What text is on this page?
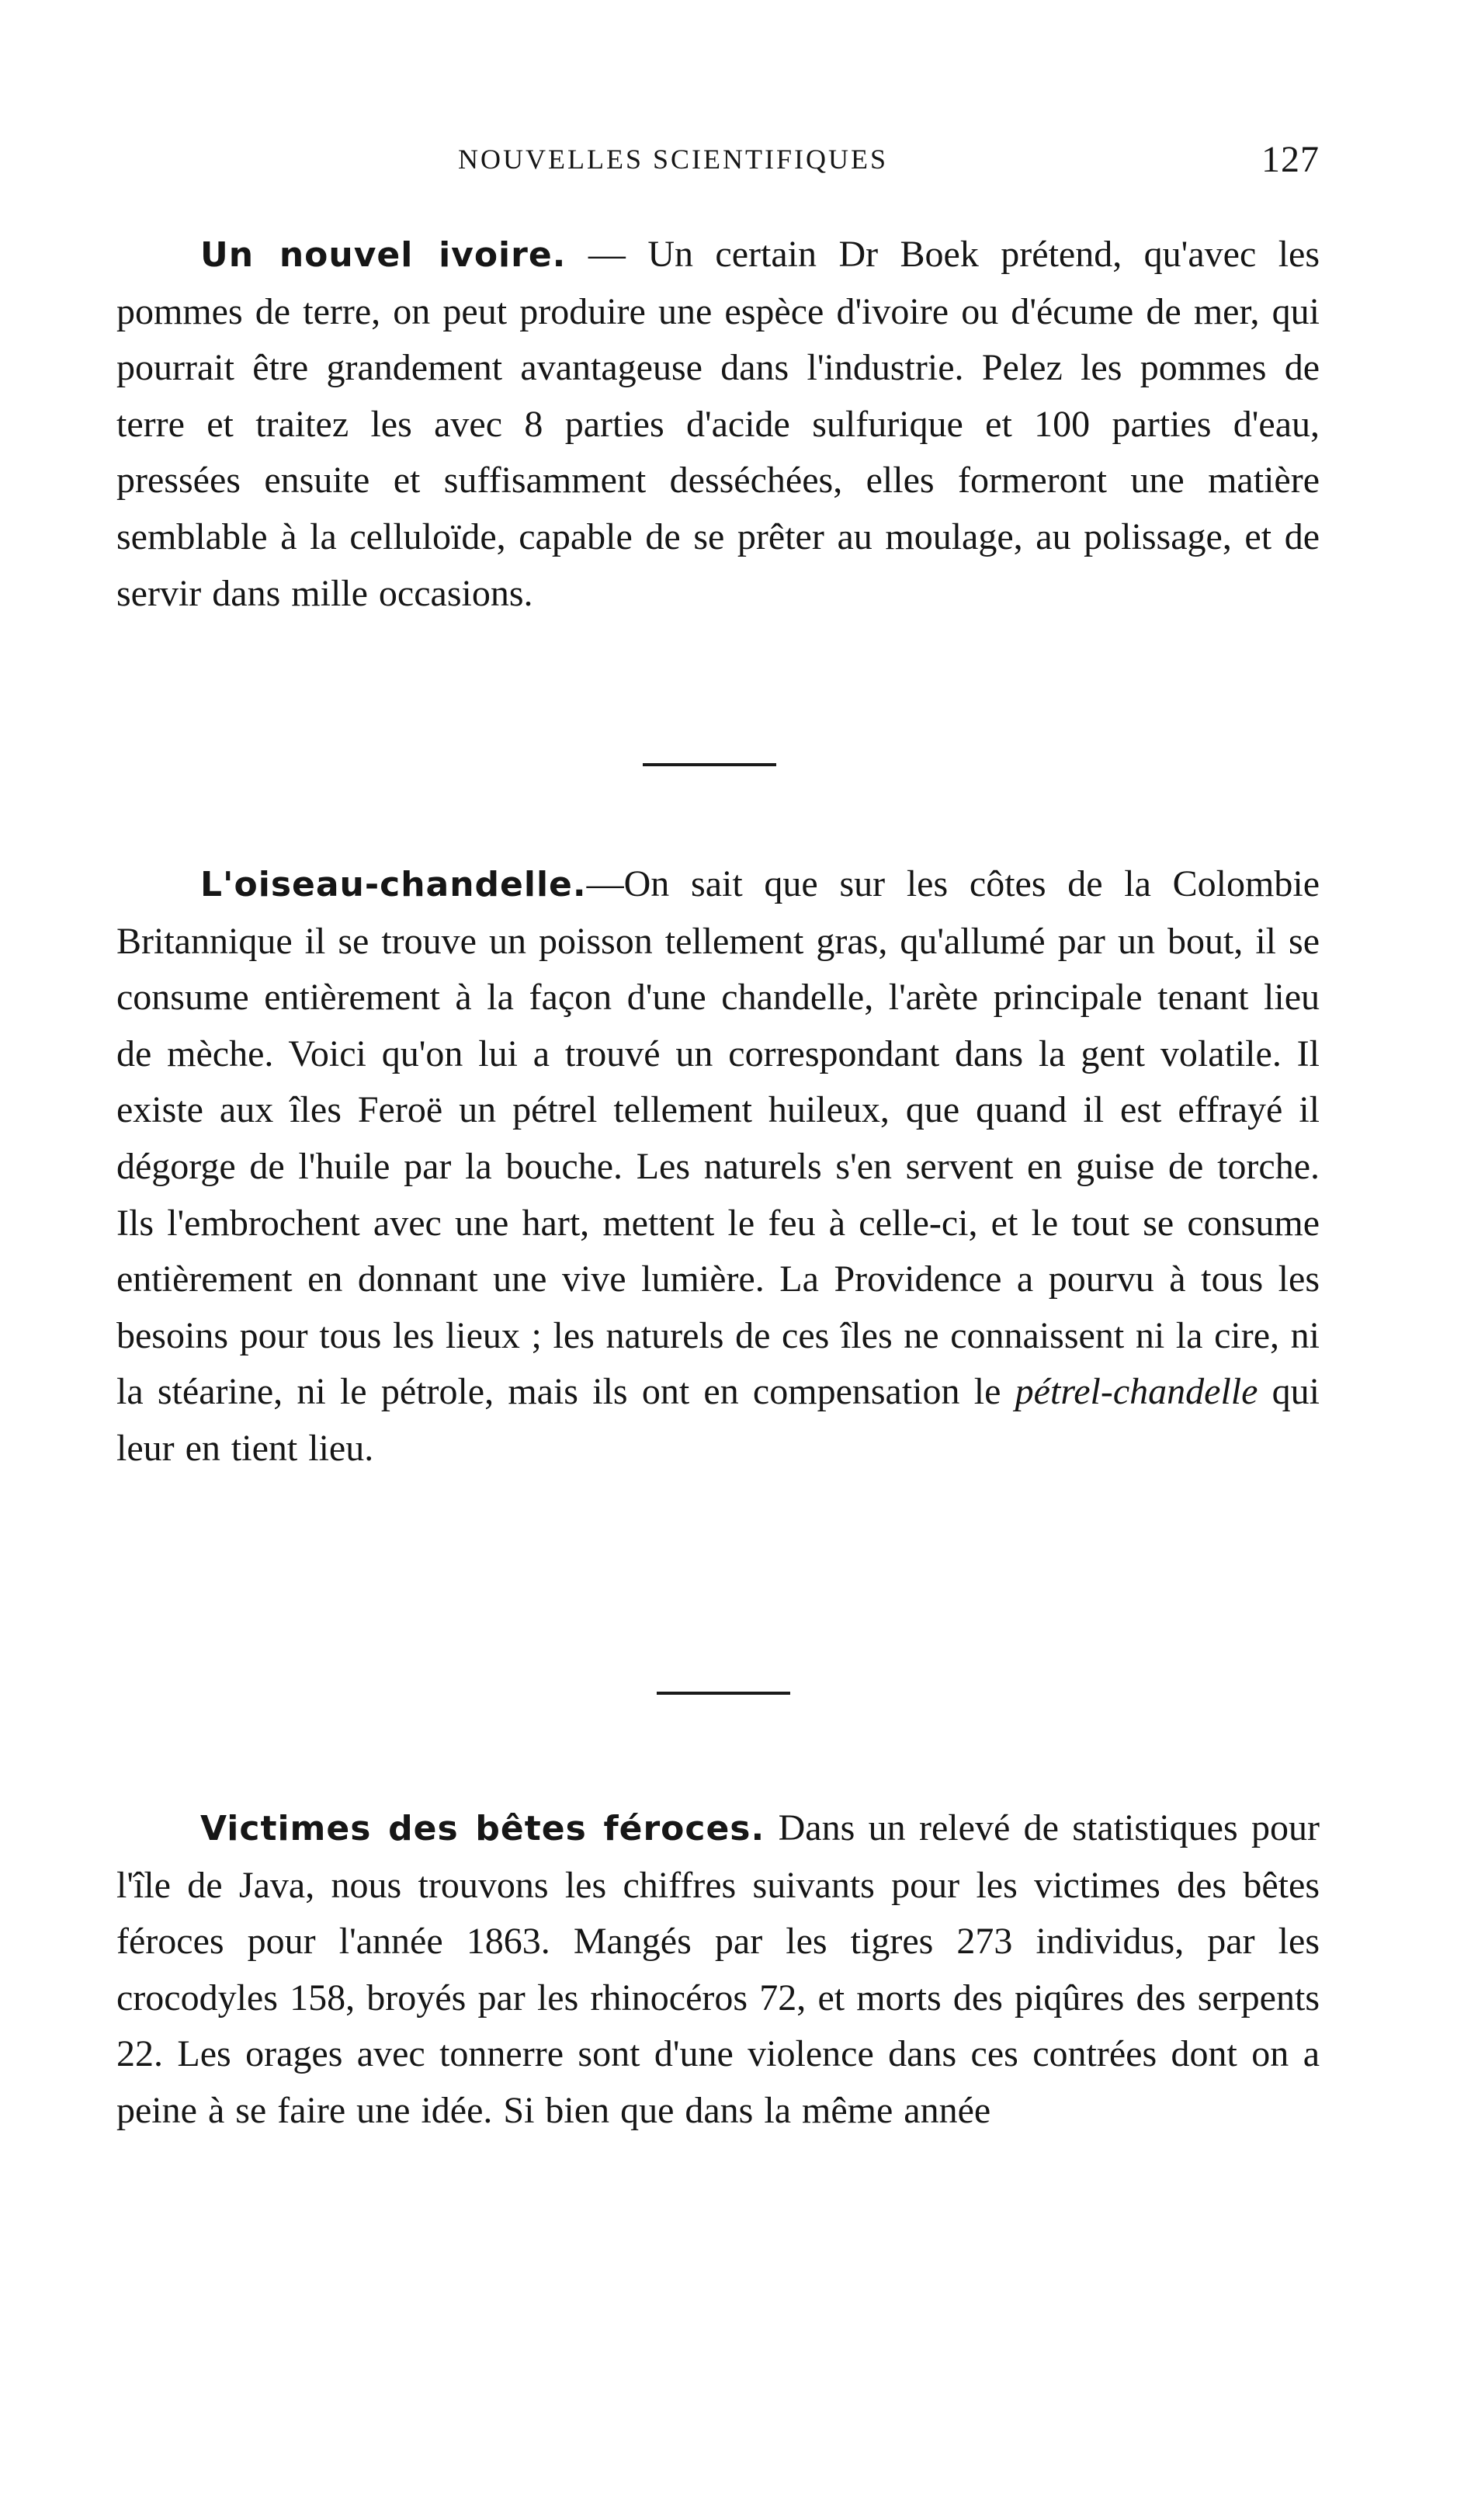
NOUVELLES SCIENTIFIQUES	127

Un nouvel ivoire. — Un certain Dr Boek prétend, qu'avec les pommes de terre, on peut produire une espèce d'ivoire ou d'écume de mer, qui pourrait être grandement avantageuse dans l'industrie. Pelez les pommes de terre et traitez les avec 8 parties d'acide sulfurique et 100 parties d'eau, pressées ensuite et suffisamment desséchées, elles formeront une matière semblable à la celluloïde, capable de se prêter au moulage, au polissage, et de servir dans mille occasions.

L'oiseau-chandelle.—On sait que sur les côtes de la Colombie Britannique il se trouve un poisson tellement gras, qu'allumé par un bout, il se consume entièrement à la façon d'une chandelle, l'arète principale tenant lieu de mèche. Voici qu'on lui a trouvé un correspondant dans la gent volatile. Il existe aux îles Feroë un pétrel tellement huileux, que quand il est effrayé il dégorge de l'huile par la bouche. Les naturels s'en servent en guise de torche. Ils l'embrochent avec une hart, mettent le feu à celle-ci, et le tout se consume entièrement en donnant une vive lumière. La Providence a pourvu à tous les besoins pour tous les lieux ; les naturels de ces îles ne connaissent ni la cire, ni la stéarine, ni le pétrole, mais ils ont en compensation le pétrel-chandelle qui leur en tient lieu.

Victimes des bêtes féroces. Dans un relevé de statistiques pour l'île de Java, nous trouvons les chiffres suivants pour les victimes des bêtes féroces pour l'année 1863. Mangés par les tigres 273 individus, par les crocodyles 158, broyés par les rhinocéros 72, et morts des piqûres des serpents 22. Les orages avec tonnerre sont d'une violence dans ces contrées dont on a peine à se faire une idée. Si bien que dans la même année
